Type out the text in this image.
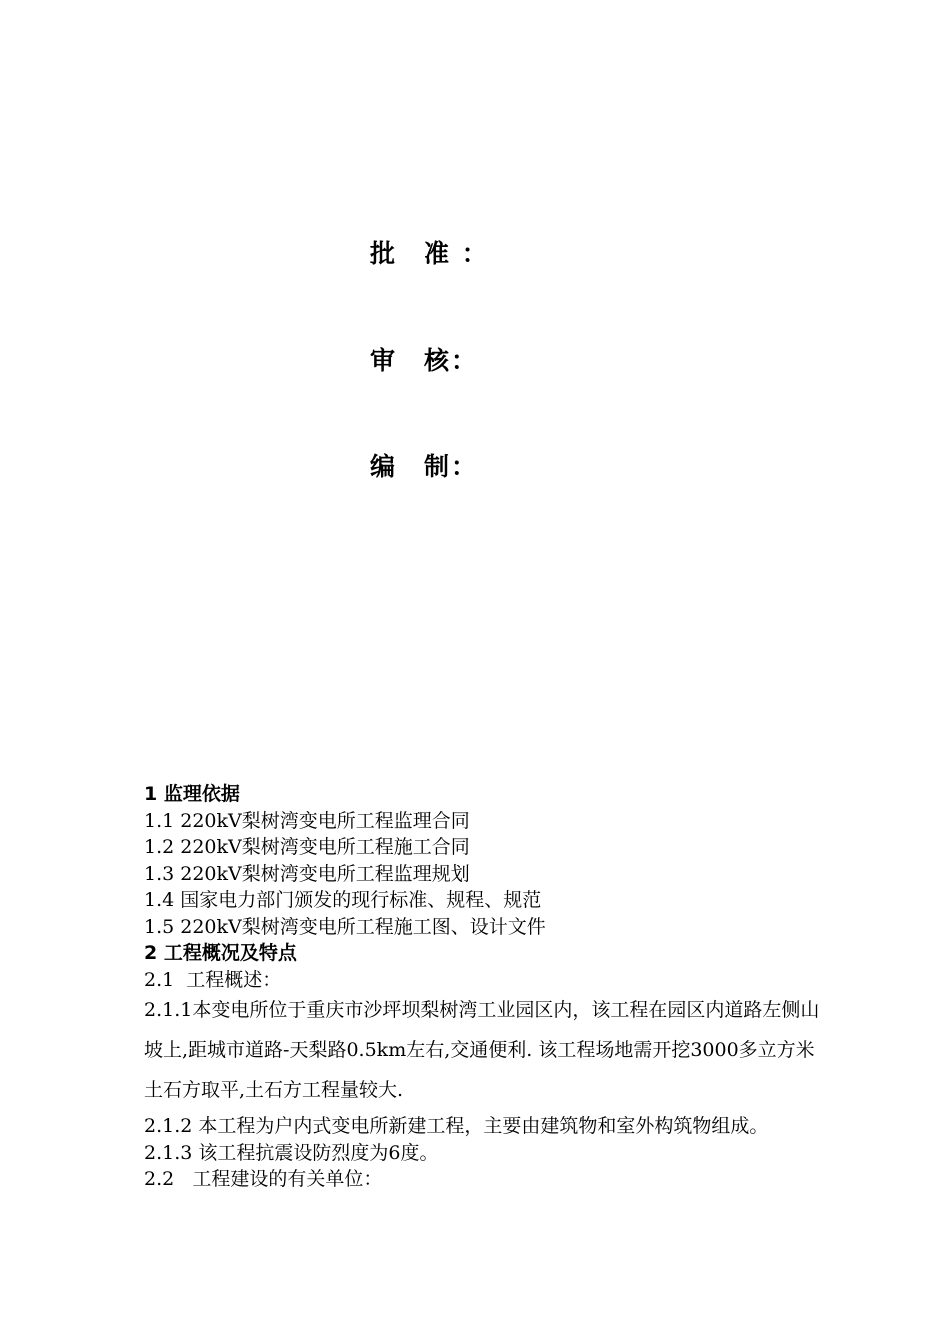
批　准 ：
审　核：
编　制：

1 监理依据

1.1 220kV梨树湾变电所工程监理合同

1.2 220kV梨树湾变电所工程施工合同

1.3 220kV梨树湾变电所工程监理规划

1.4 国家电力部门颁发的现行标准、规程、规范

1.5 220kV梨树湾变电所工程施工图、设计文件

2 工程概况及特点

2.1  工程概述：

2.1.1本变电所位于重庆市沙坪坝梨树湾工业园区内，该工程在园区内道路左侧山坡上,距城市道路-天梨路0.5km左右,交通便利. 该工程场地需开挖3000多立方米土石方取平,土石方工程量较大.

2.1.2 本工程为户内式变电所新建工程，主要由建筑物和室外构筑物组成。

2.1.3 该工程抗震设防烈度为6度。

2.2   工程建设的有关单位：
